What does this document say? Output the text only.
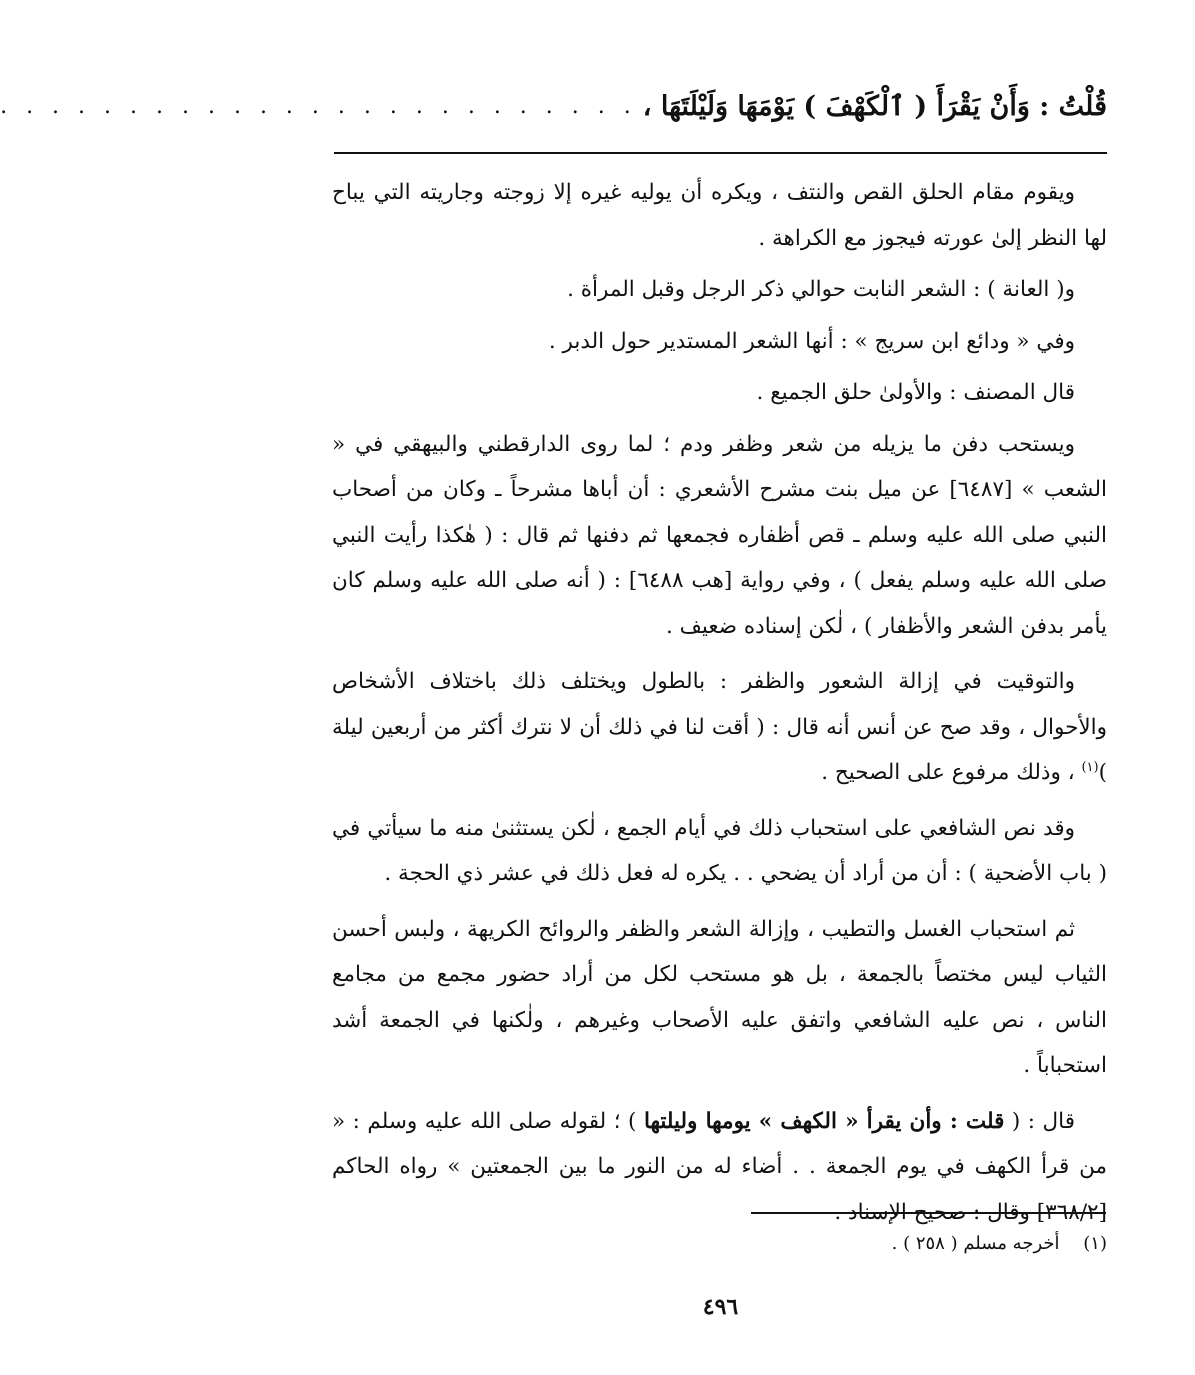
قُلْتُ : وَأَنْ يَقْرَأَ ( ٱلْكَهْفَ ) يَوْمَهَا وَلَيْلَتَهَا ،
. . . . . . . . . . . . . . . . . . . . . . . . .

ويقوم مقام الحلق القص والنتف ، ويكره أن يوليه غيره إلا زوجته وجاريته التي يباح لها النظر إلىٰ عورته فيجوز مع الكراهة .

و( العانة ) : الشعر النابت حوالي ذكر الرجل وقبل المرأة .

وفي « ودائع ابن سريج » : أنها الشعر المستدير حول الدبر .

قال المصنف : والأولىٰ حلق الجميع .

ويستحب دفن ما يزيله من شعر وظفر ودم ؛ لما روى الدارقطني والبيهقي في « الشعب » [٦٤٨٧] عن ميل بنت مشرح الأشعري : أن أباها مشرحاً ـ وكان من أصحاب النبي صلى الله عليه وسلم ـ قص أظفاره فجمعها ثم دفنها ثم قال : ( هٰكذا رأيت النبي صلى الله عليه وسلم يفعل ) ، وفي رواية [هب ٦٤٨٨] : ( أنه صلى الله عليه وسلم كان يأمر بدفن الشعر والأظفار ) ، لٰكن إسناده ضعيف .

والتوقيت في إزالة الشعور والظفر : بالطول ويختلف ذلك باختلاف الأشخاص والأحوال ، وقد صح عن أنس أنه قال : ( أقت لنا في ذلك أن لا نترك أكثر من أربعين ليلة )$^{(١)}$ ، وذلك مرفوع على الصحيح .

وقد نص الشافعي على استحباب ذلك في أيام الجمع ، لٰكن يستثنىٰ منه ما سيأتي في ( باب الأضحية ) : أن من أراد أن يضحي . . يكره له فعل ذلك في عشر ذي الحجة .

ثم استحباب الغسل والتطيب ، وإزالة الشعر والظفر والروائح الكريهة ، ولبس أحسن الثياب ليس مختصاً بالجمعة ، بل هو مستحب لكل من أراد حضور مجمع من مجامع الناس ، نص عليه الشافعي واتفق عليه الأصحاب وغيرهم ، ولٰكنها في الجمعة أشد استحباباً .

قال : ( قلت : وأن يقرأ « الكهف » يومها وليلتها ) ؛ لقوله صلى الله عليه وسلم : « من قرأ الكهف في يوم الجمعة . . أضاء له من النور ما بين الجمعتين » رواه الحاكم [٣٦٨/٢] وقال : صحيح الإسناد .

(١) أخرجه مسلم ( ٢٥٨ ) .
٤٩٦
